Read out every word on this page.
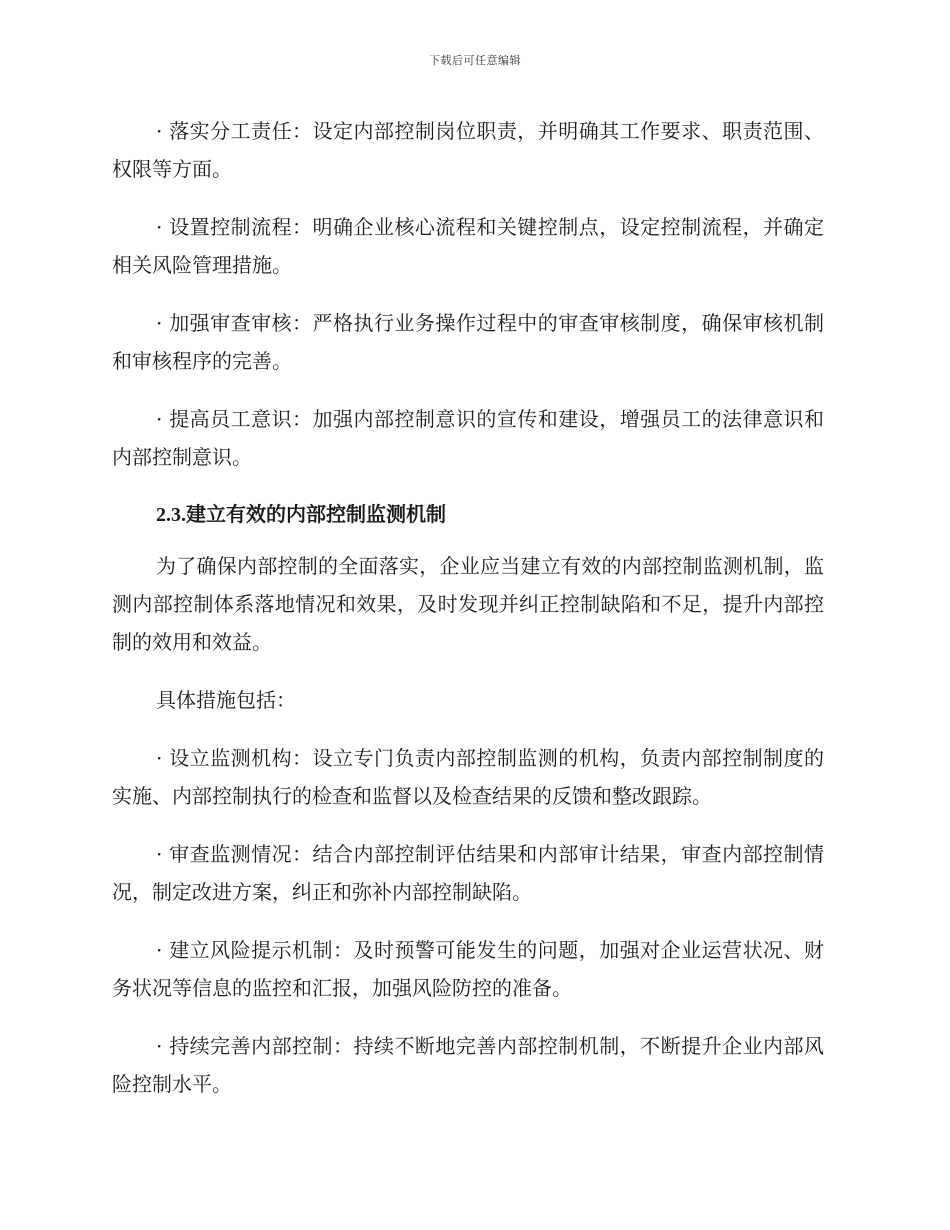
下载后可任意编辑

· 落实分工责任：设定内部控制岗位职责，并明确其工作要求、职责范围、权限等方面。

· 设置控制流程：明确企业核心流程和关键控制点，设定控制流程，并确定相关风险管理措施。

· 加强审查审核：严格执行业务操作过程中的审查审核制度，确保审核机制和审核程序的完善。

· 提高员工意识：加强内部控制意识的宣传和建设，增强员工的法律意识和内部控制意识。

2.3.建立有效的内部控制监测机制

为了确保内部控制的全面落实，企业应当建立有效的内部控制监测机制，监测内部控制体系落地情况和效果，及时发现并纠正控制缺陷和不足，提升内部控制的效用和效益。

具体措施包括：

· 设立监测机构：设立专门负责内部控制监测的机构，负责内部控制制度的实施、内部控制执行的检查和监督以及检查结果的反馈和整改跟踪。

· 审查监测情况：结合内部控制评估结果和内部审计结果，审查内部控制情况，制定改进方案，纠正和弥补内部控制缺陷。

· 建立风险提示机制：及时预警可能发生的问题，加强对企业运营状况、财务状况等信息的监控和汇报，加强风险防控的准备。

· 持续完善内部控制：持续不断地完善内部控制机制，不断提升企业内部风险控制水平。
